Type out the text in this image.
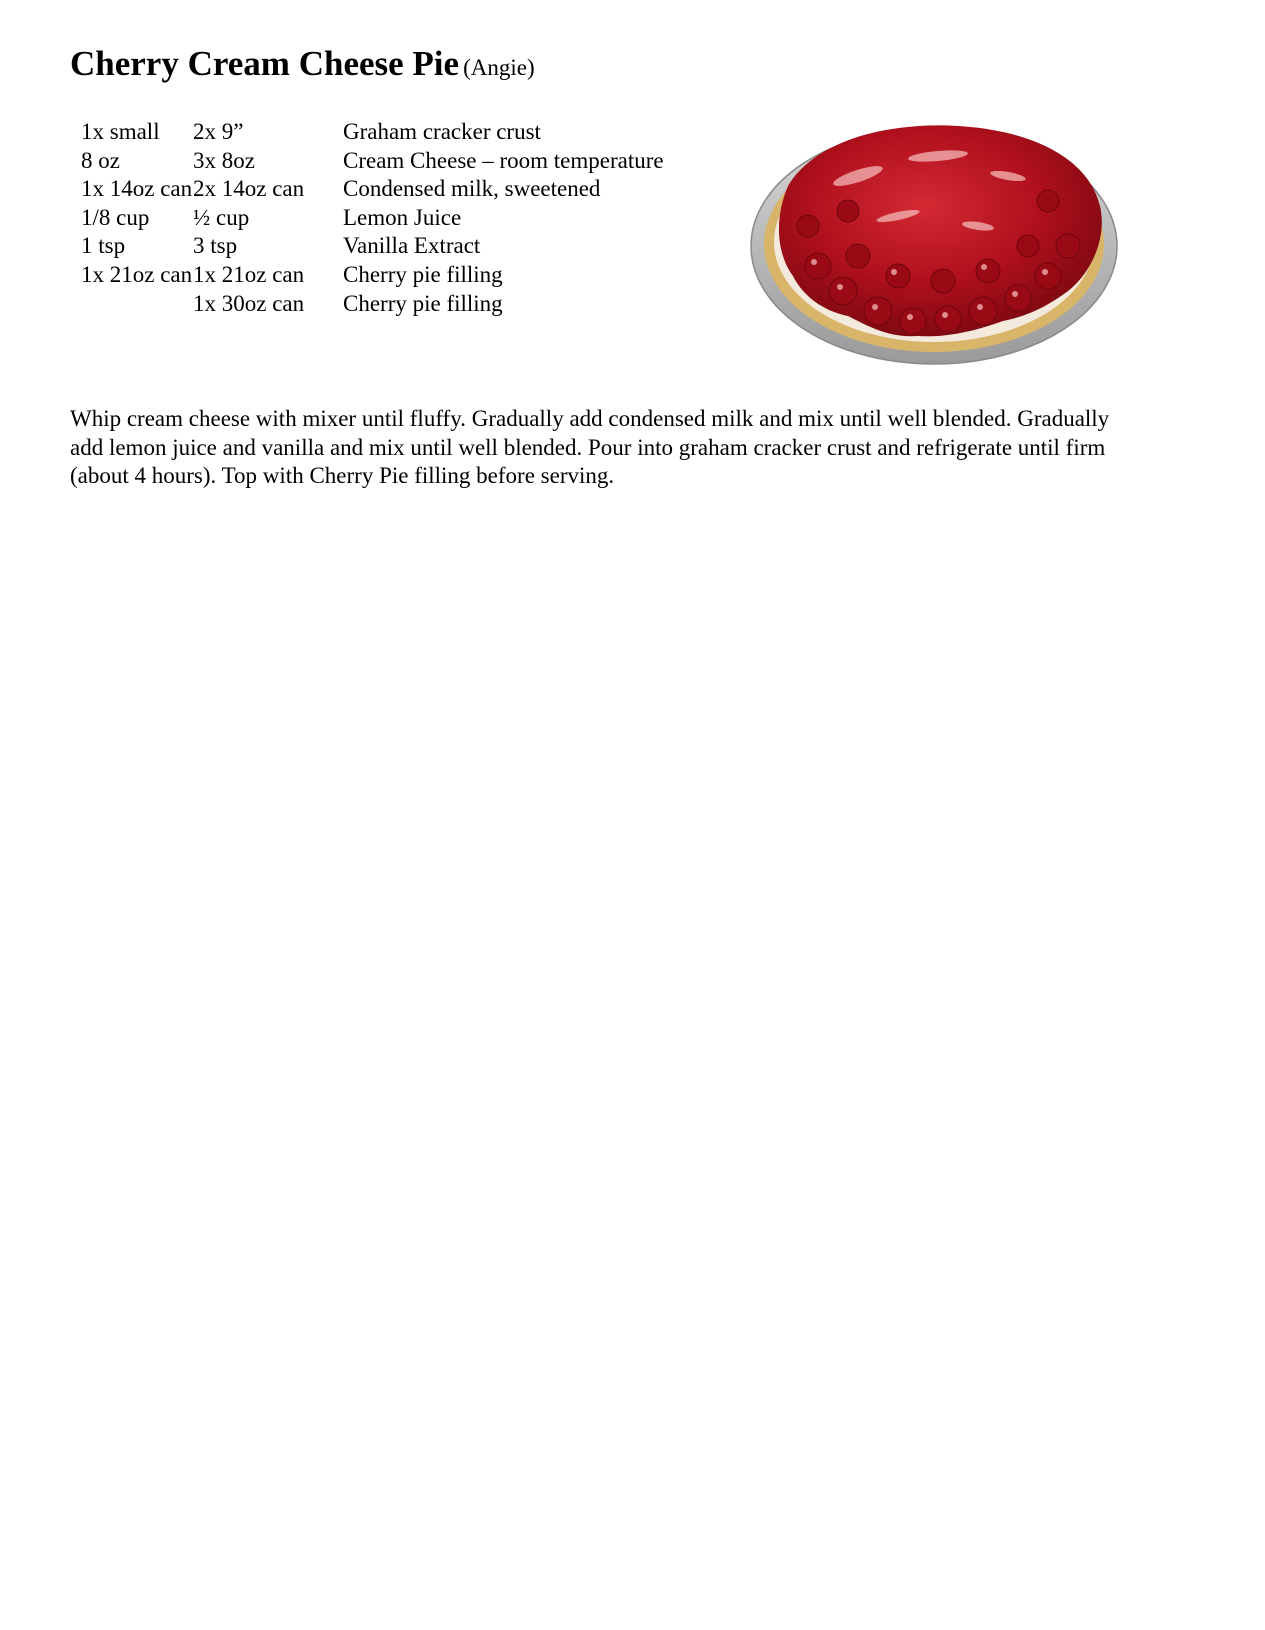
Cherry Cream Cheese Pie (Angie)
1x small	2x 9”	Graham cracker crust
8 oz	3x 8oz	Cream Cheese – room temperature
1x 14oz can	2x 14oz can	Condensed milk, sweetened
1/8 cup	½ cup	Lemon Juice
1 tsp	3 tsp	Vanilla Extract
1x 21oz can	1x 21oz can	Cherry pie filling
	1x 30oz can	Cherry pie filling

Whip cream cheese with mixer until fluffy. Gradually add condensed milk and mix until well blended. Gradually add lemon juice and vanilla and mix until well blended. Pour into graham cracker crust and refrigerate until firm (about 4 hours). Top with Cherry Pie filling before serving.
